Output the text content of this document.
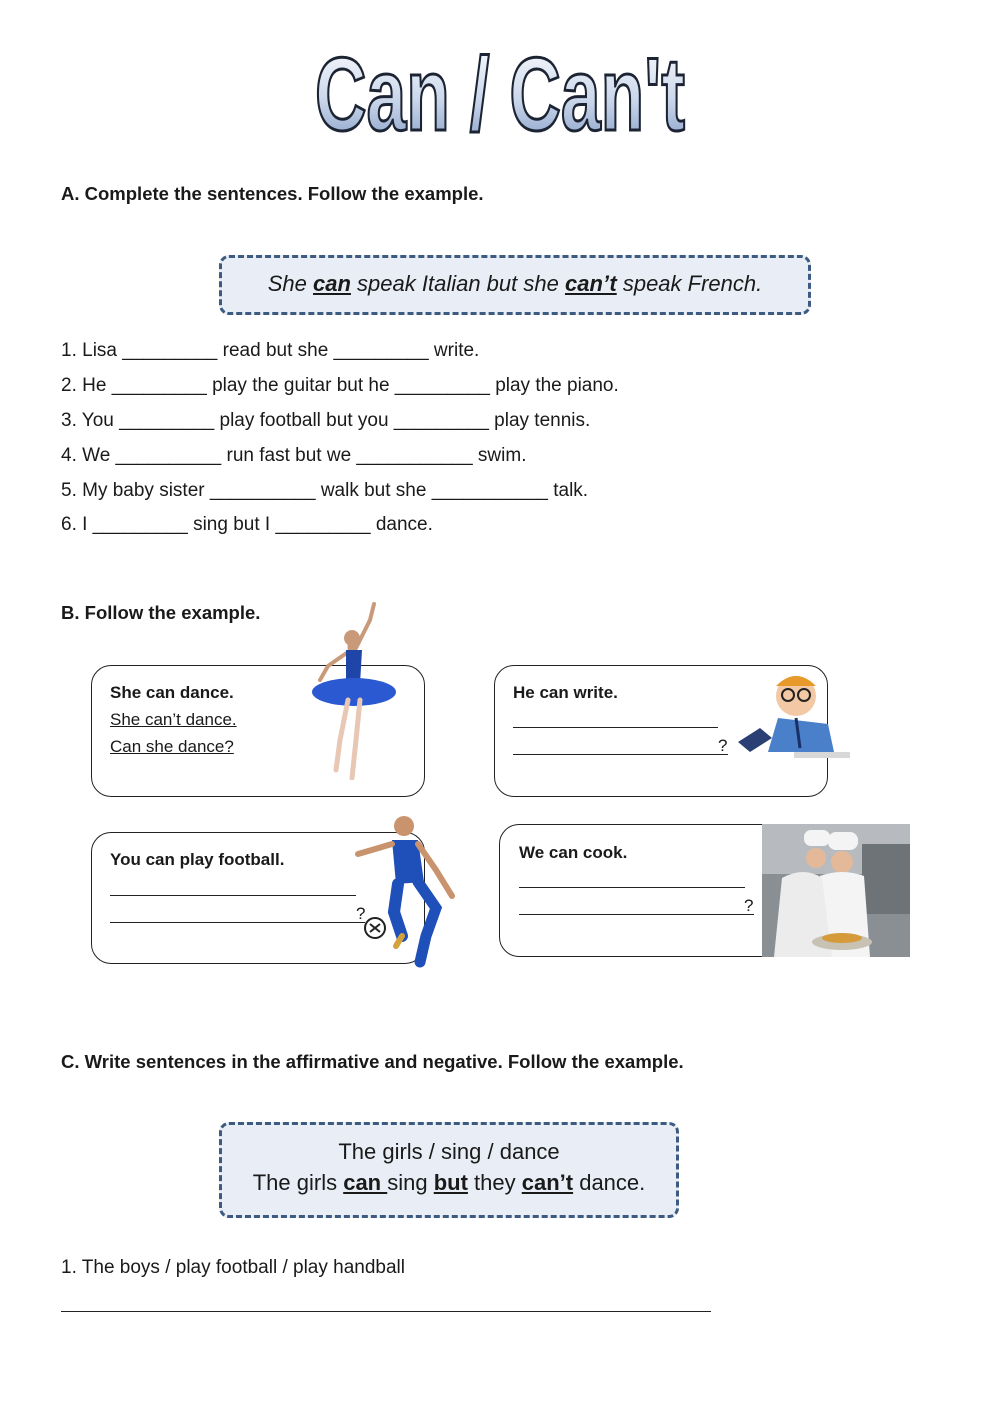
Can / Can't
A. Complete the sentences. Follow the example.
She can speak Italian but she can’t speak French.
1. Lisa _________ read but she _________ write.
2. He _________ play the guitar but he _________ play the piano.
3. You _________ play football but you _________ play tennis.
4. We __________ run fast but we ___________ swim.
5. My baby sister __________ walk but she ___________ talk.
6. I _________ sing but I _________ dance.
B. Follow the example.
She can dance.
She can’t dance.
Can she dance?
He can write.
?
You can play football.
?
We can cook.
?
C. Write sentences in the affirmative and negative. Follow the example.
The girls / sing / dance
The girls can sing but they can’t dance.
1. The boys / play football / play handball
